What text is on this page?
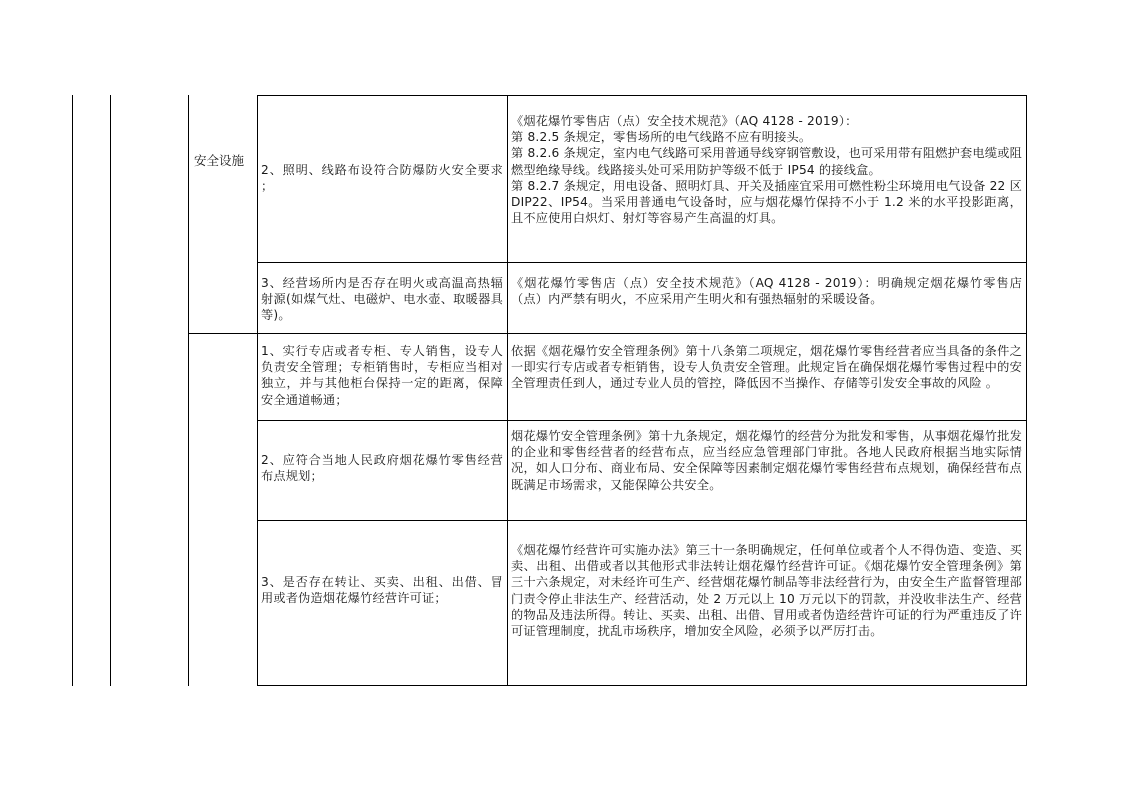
安全设施
2、照明、线路布设符合防爆防火安全要求 ；

《烟花爆竹零售店（点）安全技术规范》（AQ 4128 - 2019）：

第 8.2.5 条规定，零售场所的电气线路不应有明接头。

第 8.2.6 条规定，室内电气线路可采用普通导线穿钢管敷设，也可采用带有阻燃护套电缆或阻燃型绝缘导线。线路接头处可采用防护等级不低于 IP54 的接线盒。

第 8.2.7 条规定，用电设备、照明灯具、开关及插座宜采用可燃性粉尘环境用电气设备 22 区 DIP22、IP54。当采用普通电气设备时，应与烟花爆竹保持不小于 1.2 米的水平投影距离，且不应使用白炽灯、射灯等容易产生高温的灯具。

3、经营场所内是否存在明火或高温高热辐射源(如煤气灶、电磁炉、电水壶、取暖器具等)。

《烟花爆竹零售店（点）安全技术规范》（AQ 4128 - 2019）：明确规定烟花爆竹零售店（点）内严禁有明火，不应采用产生明火和有强热辐射的采暖设备。

1、实行专店或者专柜、专人销售，设专人负责安全管理；专柜销售时，专柜应当相对独立，并与其他柜台保持一定的距离，保障安全通道畅通；

依据《烟花爆竹安全管理条例》第十八条第二项规定，烟花爆竹零售经营者应当具备的条件之一即实行专店或者专柜销售，设专人负责安全管理。此规定旨在确保烟花爆竹零售过程中的安全管理责任到人，通过专业人员的管控，降低因不当操作、存储等引发安全事故的风险 。

2、应符合当地人民政府烟花爆竹零售经营布点规划；

烟花爆竹安全管理条例》第十九条规定，烟花爆竹的经营分为批发和零售，从事烟花爆竹批发的企业和零售经营者的经营布点，应当经应急管理部门审批。各地人民政府根据当地实际情况，如人口分布、商业布局、安全保障等因素制定烟花爆竹零售经营布点规划，确保经营布点既满足市场需求，又能保障公共安全。

3、是否存在转让、买卖、出租、出借、冒用或者伪造烟花爆竹经营许可证；

《烟花爆竹经营许可实施办法》第三十一条明确规定，任何单位或者个人不得伪造、变造、买卖、出租、出借或者以其他形式非法转让烟花爆竹经营许可证。《烟花爆竹安全管理条例》第三十六条规定，对未经许可生产、经营烟花爆竹制品等非法经营行为，由安全生产监督管理部门责令停止非法生产、经营活动，处 2 万元以上 10 万元以下的罚款，并没收非法生产、经营的物品及违法所得。转让、买卖、出租、出借、冒用或者伪造经营许可证的行为严重违反了许可证管理制度，扰乱市场秩序，增加安全风险，必须予以严厉打击。
